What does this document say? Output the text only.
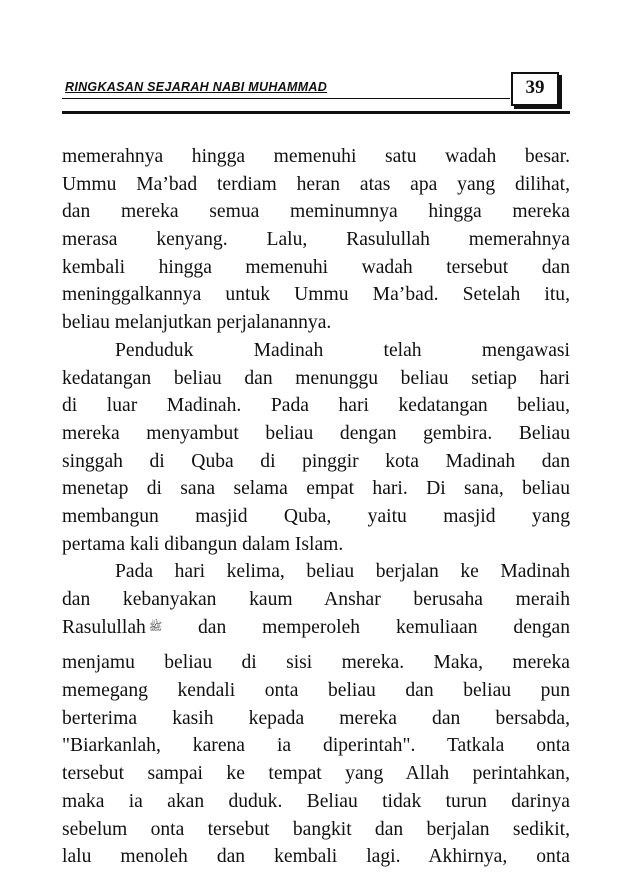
RINGKASAN SEJARAH NABI MUHAMMAD	39
memerahnya hingga memenuhi satu wadah besar.
Ummu Ma’bad terdiam heran atas apa yang dilihat,
dan mereka semua meminumnya hingga mereka
merasa kenyang. Lalu, Rasulullah memerahnya
kembali hingga memenuhi wadah tersebut dan
meninggalkannya untuk Ummu Ma’bad. Setelah itu,
beliau melanjutkan perjalanannya.
Penduduk Madinah telah mengawasi
kedatangan beliau dan menunggu beliau setiap hari
di luar Madinah. Pada hari kedatangan beliau,
mereka menyambut beliau dengan gembira. Beliau
singgah di Quba di pinggir kota Madinah dan
menetap di sana selama empat hari. Di sana, beliau
membangun masjid Quba, yaitu masjid yang
pertama kali dibangun dalam Islam.
Pada hari kelima, beliau berjalan ke Madinah
dan kebanyakan kaum Anshar berusaha meraih
Rasulullah ﷺ dan memperoleh kemuliaan dengan
menjamu beliau di sisi mereka. Maka, mereka
memegang kendali onta beliau dan beliau pun
berterima kasih kepada mereka dan bersabda,
"Biarkanlah, karena ia diperintah". Tatkala onta
tersebut sampai ke tempat yang Allah perintahkan,
maka ia akan duduk. Beliau tidak turun darinya
sebelum onta tersebut bangkit dan berjalan sedikit,
lalu menoleh dan kembali lagi. Akhirnya, onta
